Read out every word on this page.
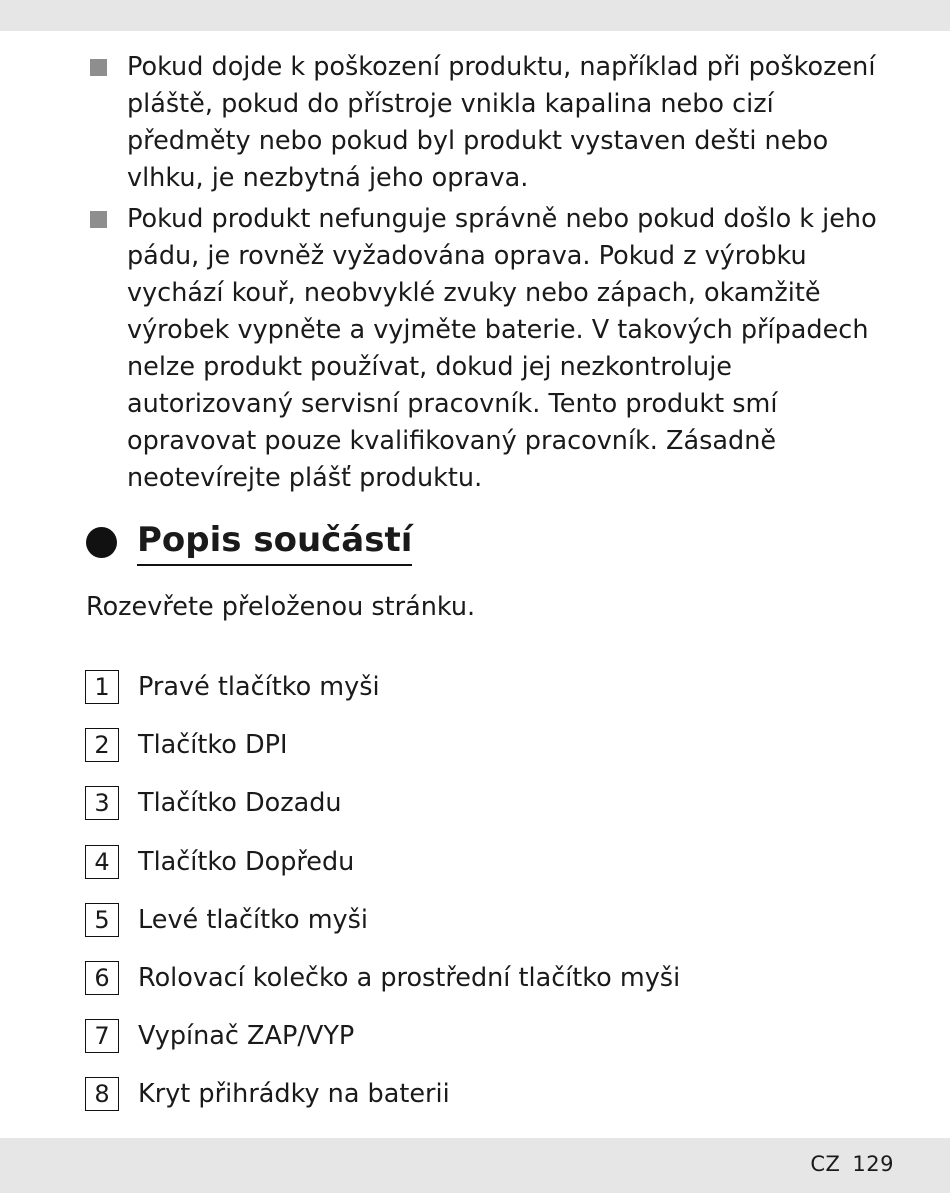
Pokud dojde k poškození produktu, například při poškození pláště, pokud do přístroje vnikla kapalina nebo cizí předměty nebo pokud byl produkt vystaven dešti nebo vlhku, je nezbytná jeho oprava.
Pokud produkt nefunguje správně nebo pokud došlo k jeho pádu, je rovněž vyžadována oprava. Pokud z výrobku vychází kouř, neobvyklé zvuky nebo zápach, okamžitě výrobek vypněte a vyjměte baterie. V takových případech nelze produkt používat, dokud jej nezkontroluje autorizovaný servisní pracovník. Tento produkt smí opravovat pouze kvalifikovaný pracovník. Zásadně neotevírejte plášť produktu.
Popis součástí
Rozevřete přeloženou stránku.
1	Pravé tlačítko myši
2	Tlačítko DPI
3	Tlačítko Dozadu
4	Tlačítko Dopředu
5	Levé tlačítko myši
6	Rolovací kolečko a prostřední tlačítko myši
7	Vypínač ZAP/VYP
8	Kryt přihrádky na baterii
CZ 129
